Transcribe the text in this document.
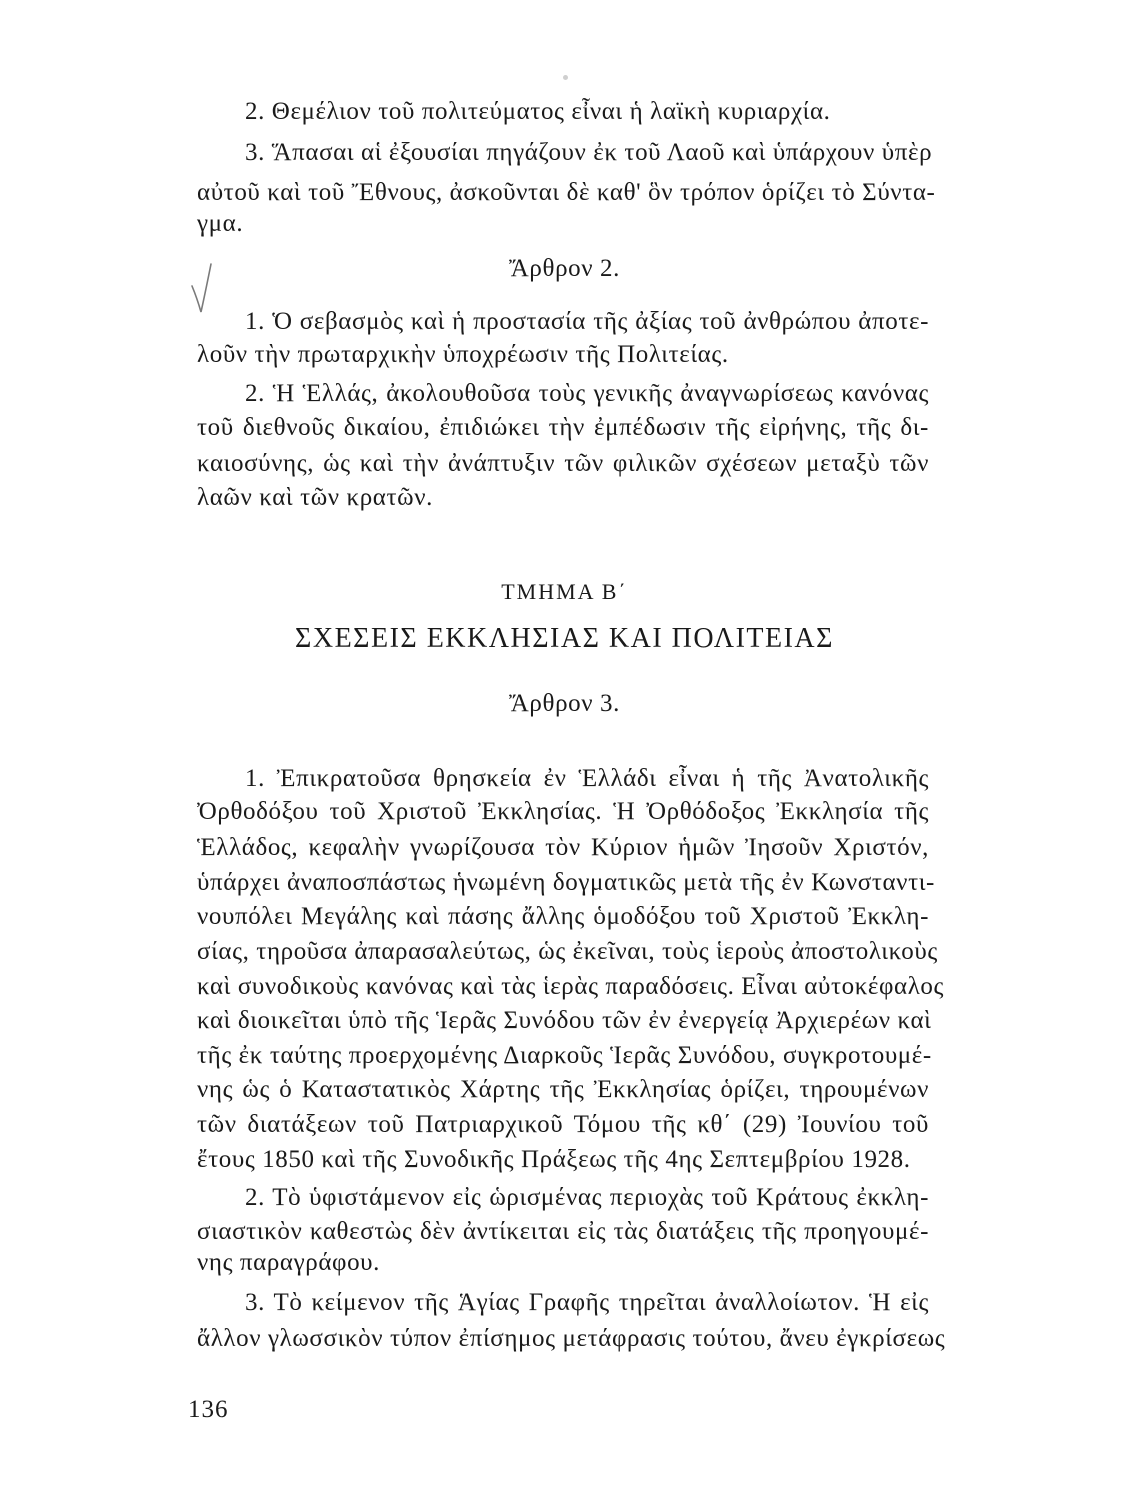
2. Θεμέλιον τοῦ πολιτεύματος εἶναι ἡ λαϊκὴ κυριαρχία.
3. Ἅπασαι αἱ ἐξουσίαι πηγάζουν ἐκ τοῦ Λαοῦ καὶ ὑπάρχουν ὑπὲρ
αὐτοῦ καὶ τοῦ Ἔθνους, ἀσκοῦνται δὲ καθ' ὃν τρόπον ὁρίζει τὸ Σύντα-
γμα.
Ἄρθρον 2.
1. Ὁ σεβασμὸς καὶ ἡ προστασία τῆς ἀξίας τοῦ ἀνθρώπου ἀποτε-
λοῦν τὴν πρωταρχικὴν ὑποχρέωσιν τῆς Πολιτείας.
2. Ἡ Ἑλλάς, ἀκολουθοῦσα τοὺς γενικῆς ἀναγνωρίσεως κανόνας
τοῦ διεθνοῦς δικαίου, ἐπιδιώκει τὴν ἐμπέδωσιν τῆς εἰρήνης, τῆς δι-
καιοσύνης, ὡς καὶ τὴν ἀνάπτυξιν τῶν φιλικῶν σχέσεων μεταξὺ τῶν
λαῶν καὶ τῶν κρατῶν.
ΤΜΗΜΑ Β΄
ΣΧΕΣΕΙΣ ΕΚΚΛΗΣΙΑΣ ΚΑΙ ΠΟΛΙΤΕΙΑΣ
Ἄρθρον 3.
1. Ἐπικρατοῦσα θρησκεία ἐν Ἑλλάδι εἶναι ἡ τῆς Ἀνατολικῆς
Ὀρθοδόξου τοῦ Χριστοῦ Ἐκκλησίας. Ἡ Ὀρθόδοξος Ἐκκλησία τῆς
Ἑλλάδος, κεφαλὴν γνωρίζουσα τὸν Κύριον ἡμῶν Ἰησοῦν Χριστόν,
ὑπάρχει ἀναποσπάστως ἡνωμένη δογματικῶς μετὰ τῆς ἐν Κωνσταντι-
νουπόλει Μεγάλης καὶ πάσης ἄλλης ὁμοδόξου τοῦ Χριστοῦ Ἐκκλη-
σίας, τηροῦσα ἀπαρασαλεύτως, ὡς ἐκεῖναι, τοὺς ἱεροὺς ἀποστολικοὺς
καὶ συνοδικοὺς κανόνας καὶ τὰς ἱερὰς παραδόσεις. Εἶναι αὐτοκέφαλος
καὶ διοικεῖται ὑπὸ τῆς Ἱερᾶς Συνόδου τῶν ἐν ἐνεργείᾳ Ἀρχιερέων καὶ
τῆς ἐκ ταύτης προερχομένης Διαρκοῦς Ἱερᾶς Συνόδου, συγκροτουμέ-
νης ὡς ὁ Καταστατικὸς Χάρτης τῆς Ἐκκλησίας ὁρίζει, τηρουμένων
τῶν διατάξεων τοῦ Πατριαρχικοῦ Τόμου τῆς κθ΄ (29) Ἰουνίου τοῦ
ἔτους 1850 καὶ τῆς Συνοδικῆς Πράξεως τῆς 4ης Σεπτεμβρίου 1928.
2. Τὸ ὑφιστάμενον εἰς ὡρισμένας περιοχὰς τοῦ Κράτους ἐκκλη-
σιαστικὸν καθεστὼς δὲν ἀντίκειται εἰς τὰς διατάξεις τῆς προηγουμέ-
νης παραγράφου.
3. Τὸ κείμενον τῆς Ἁγίας Γραφῆς τηρεῖται ἀναλλοίωτον. Ἡ εἰς
ἄλλον γλωσσικὸν τύπον ἐπίσημος μετάφρασις τούτου, ἄνευ ἐγκρίσεως
136
